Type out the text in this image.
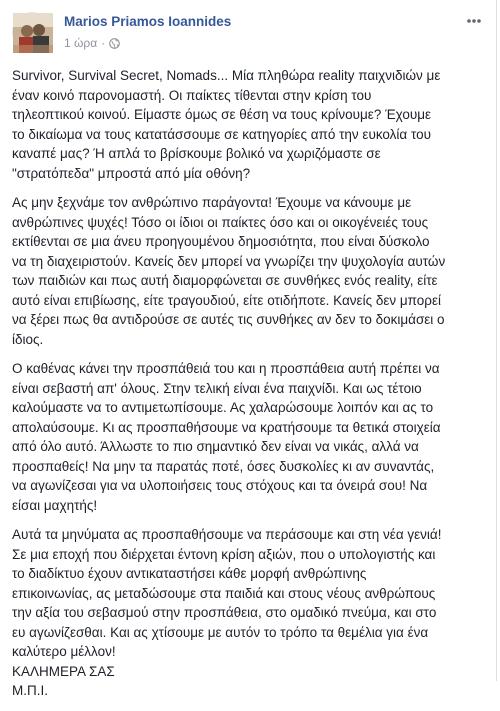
Marios Priamos Ioannides
1 ώρα ·

Survivor, Survival Secret, Nomads... Μία πληθώρα reality παιχνιδιών με
έναν κοινό παρονομαστή. Οι παίκτες τίθενται στην κρίση του
τηλεοπτικού κοινού. Είμαστε όμως σε θέση να τους κρίνουμε? Έχουμε
το δικαίωμα να τους κατατάσσουμε σε κατηγορίες από την ευκολία του
καναπέ μας? Ή απλά το βρίσκουμε βολικό να χωριζόμαστε σε
"στρατόπεδα" μπροστά από μία οθόνη?

Ας μην ξεχνάμε τον ανθρώπινο παράγοντα! Έχουμε να κάνουμε με
ανθρώπινες ψυχές! Τόσο οι ίδιοι οι παίκτες όσο και οι οικογένειές τους
εκτίθενται σε μια άνευ προηγουμένου δημοσιότητα, που είναι δύσκολο
να τη διαχειριστούν. Κανείς δεν μπορεί να γνωρίζει την ψυχολογία αυτών
των παιδιών και πως αυτή διαμορφώνεται σε συνθήκες ενός reality, είτε
αυτό είναι επιβίωσης, είτε τραγουδιού, είτε οτιδήποτε. Κανείς δεν μπορεί
να ξέρει πως θα αντιδρούσε σε αυτές τις συνθήκες αν δεν το δοκιμάσει ο
ίδιος.

Ο καθένας κάνει την προσπάθειά του και η προσπάθεια αυτή πρέπει να
είναι σεβαστή απ' όλους. Στην τελική είναι ένα παιχνίδι. Και ως τέτοιο
καλούμαστε να το αντιμετωπίσουμε. Ας χαλαρώσουμε λοιπόν και ας το
απολαύσουμε. Κι ας προσπαθήσουμε να κρατήσουμε τα θετικά στοιχεία
από όλο αυτό. Άλλωστε το πιο σημαντικό δεν είναι να νικάς, αλλά να
προσπαθείς! Να μην τα παρατάς ποτέ, όσες δυσκολίες κι αν συναντάς,
να αγωνίζεσαι για να υλοποιήσεις τους στόχους και τα όνειρά σου! Να
είσαι μαχητής!

Αυτά τα μηνύματα ας προσπαθήσουμε να περάσουμε και στη νέα γενιά!
Σε μια εποχή που διέρχεται έντονη κρίση αξιών, που ο υπολογιστής και
το διαδίκτυο έχουν αντικαταστήσει κάθε μορφή ανθρώπινης
επικοινωνίας, ας μεταδώσουμε στα παιδιά και στους νέους ανθρώπους
την αξία του σεβασμού στην προσπάθεια, στο ομαδικό πνεύμα, και στο
ευ αγωνίζεσθαι. Και ας χτίσουμε με αυτόν το τρόπο τα θεμέλια για ένα
καλύτερο μέλλον!
ΚΑΛΗΜΕΡΑ ΣΑΣ
Μ.Π.Ι.
